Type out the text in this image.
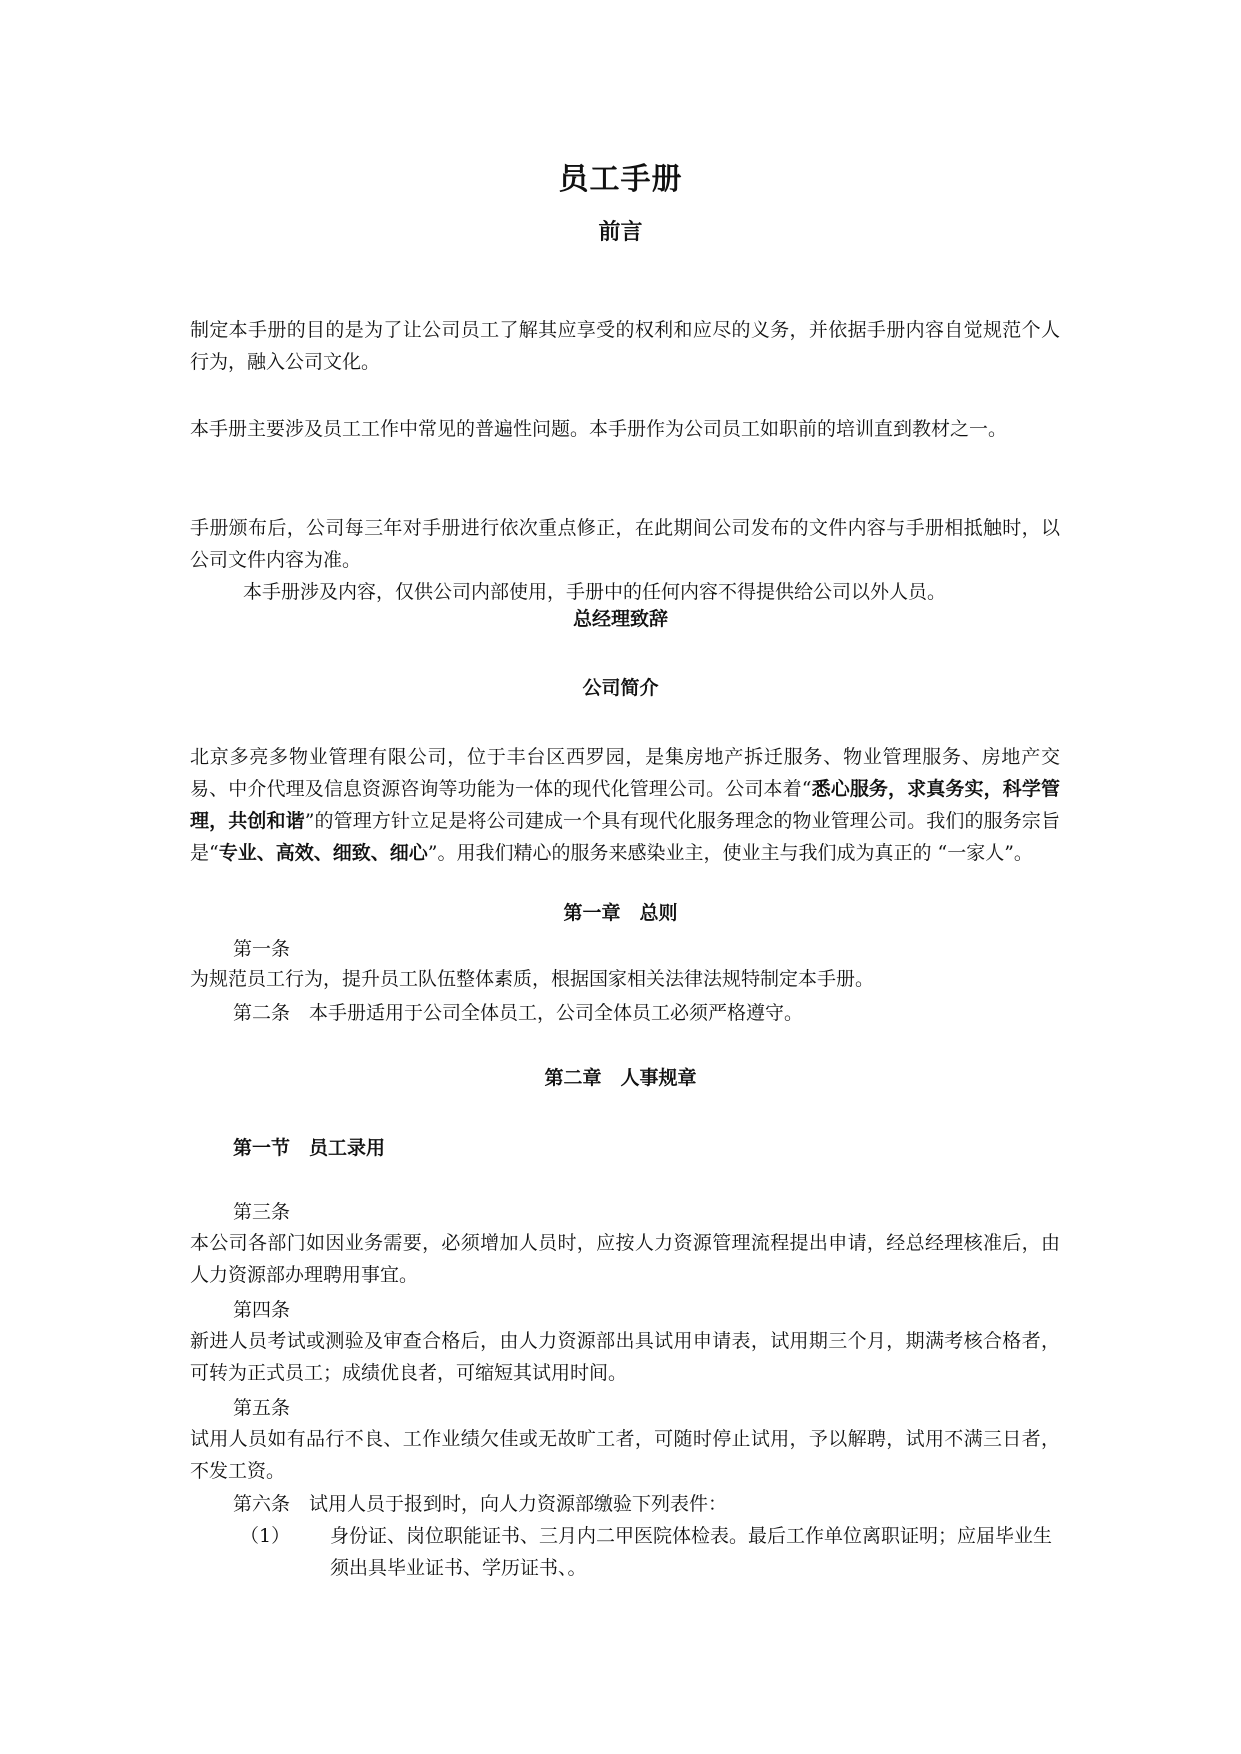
员工手册
前言
制定本手册的目的是为了让公司员工了解其应享受的权利和应尽的义务，并依据手册内容自觉规范个人行为，融入公司文化。
本手册主要涉及员工工作中常见的普遍性问题。本手册作为公司员工如职前的培训直到教材之一。
手册颁布后，公司每三年对手册进行依次重点修正，在此期间公司发布的文件内容与手册相抵触时，以公司文件内容为准。
本手册涉及内容，仅供公司内部使用，手册中的任何内容不得提供给公司以外人员。
总经理致辞
公司简介
北京多亮多物业管理有限公司，位于丰台区西罗园，是集房地产拆迁服务、物业管理服务、房地产交易、中介代理及信息资源咨询等功能为一体的现代化管理公司。公司本着“悉心服务，求真务实，科学管理，共创和谐”的管理方针立足是将公司建成一个具有现代化服务理念的物业管理公司。我们的服务宗旨是“专业、高效、细致、细心”。用我们精心的服务来感染业主，使业主与我们成为真正的 “一家人”。
第一章　总则
第一条
为规范员工行为，提升员工队伍整体素质，根据国家相关法律法规特制定本手册。
第二条　本手册适用于公司全体员工，公司全体员工必须严格遵守。
第二章　人事规章
第一节　员工录用
第三条
本公司各部门如因业务需要，必须增加人员时，应按人力资源管理流程提出申请，经总经理核准后，由人力资源部办理聘用事宜。
第四条
新进人员考试或测验及审查合格后，由人力资源部出具试用申请表，试用期三个月，期满考核合格者，可转为正式员工；成绩优良者，可缩短其试用时间。
第五条
试用人员如有品行不良、工作业绩欠佳或无故旷工者，可随时停止试用，予以解聘，试用不满三日者，不发工资。
第六条　试用人员于报到时，向人力资源部缴验下列表件：
（1） 身份证、岗位职能证书、三月内二甲医院体检表。最后工作单位离职证明；应届毕业生须出具毕业证书、学历证书、。
